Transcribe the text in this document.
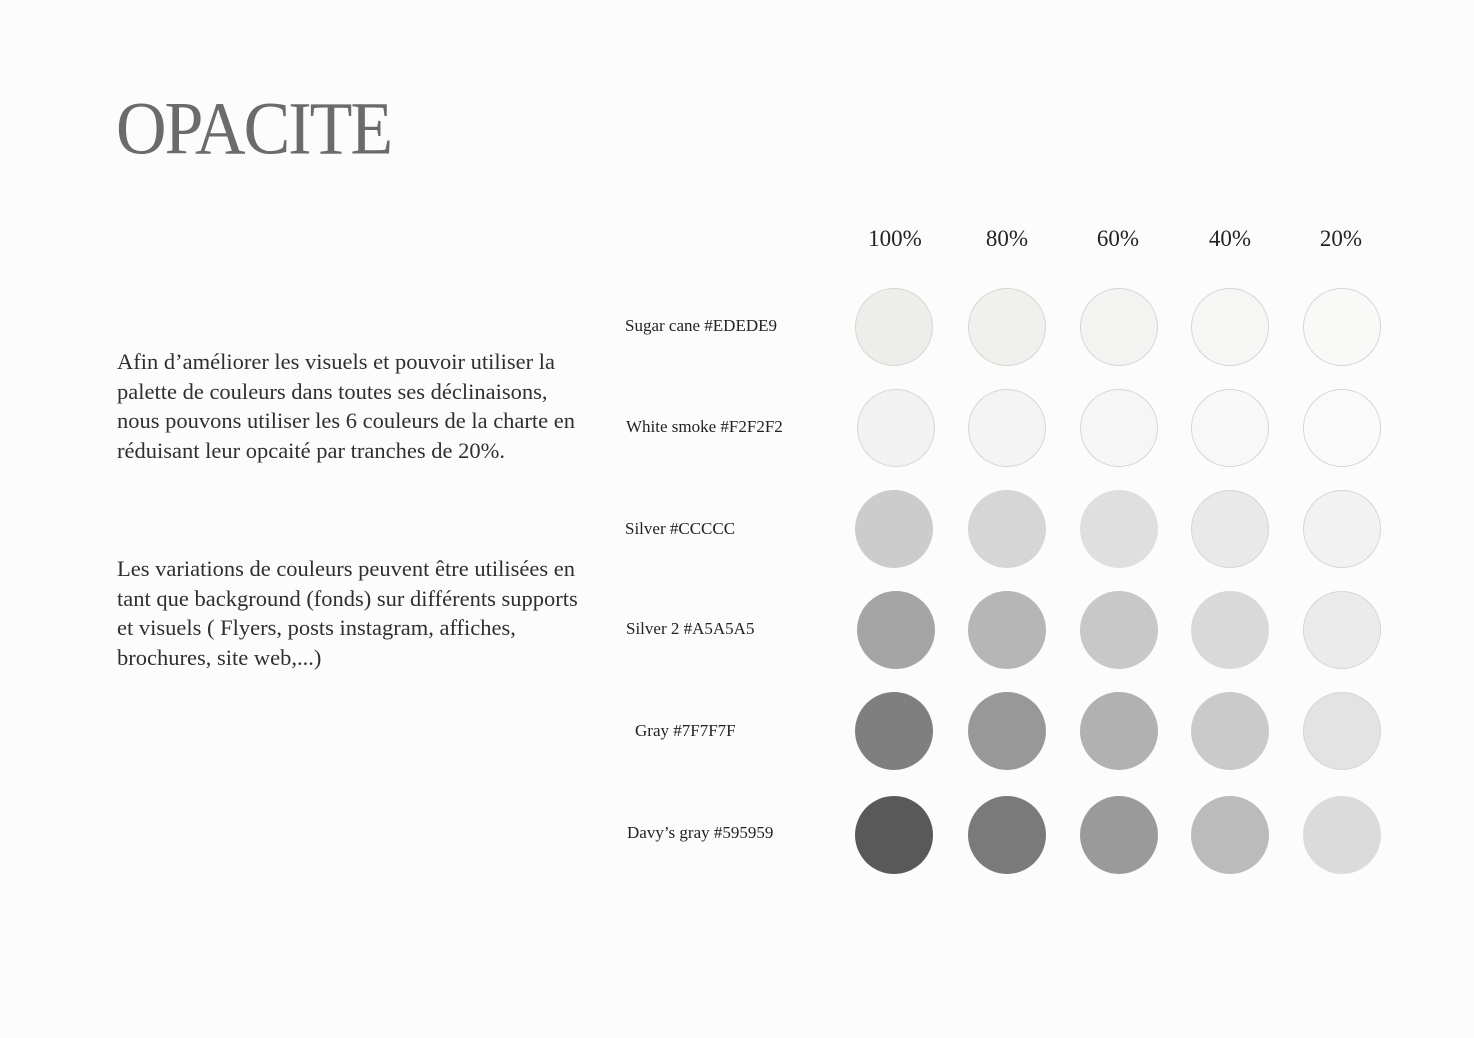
OPACITE

Afin d’améliorer les visuels et pouvoir utiliser la palette de couleurs dans toutes ses déclinaisons, nous pouvons utiliser les 6 couleurs de la charte en réduisant leur opcaité par tranches de 20%.

Les variations de couleurs peuvent être utilisées en tant que background (fonds) sur différents supports et visuels ( Flyers, posts instagram, affiches, brochures, site web,...)

100%	80%	60%	40%	20%
Sugar cane #EDEDE9
White smoke #F2F2F2
Silver #CCCCC
Silver 2 #A5A5A5
Gray #7F7F7F
Davy’s gray #595959
